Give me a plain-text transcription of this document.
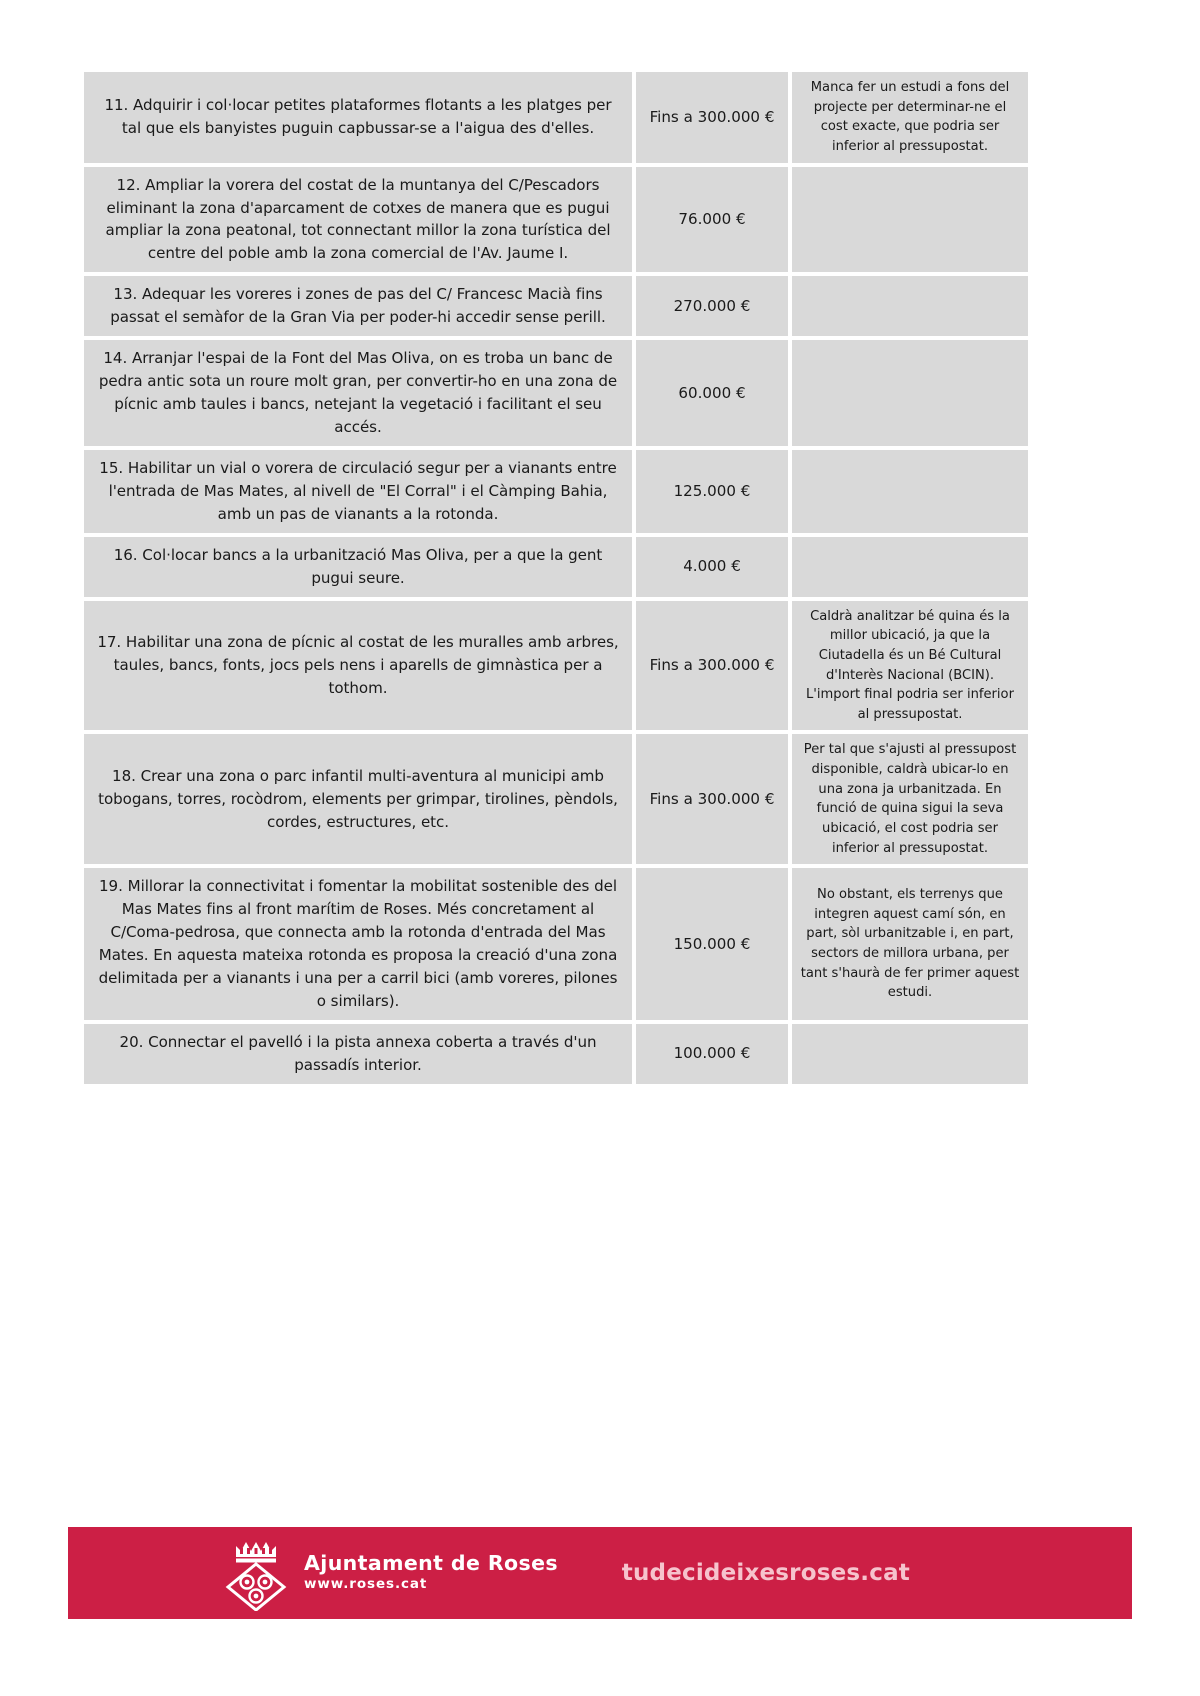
11. Adquirir i col·locar petites plataformes flotants a les platges per tal que els banyistes puguin capbussar-se a l'aigua des d'elles.	Fins a 300.000 €	Manca fer un estudi a fons del projecte per determinar-ne el cost exacte, que podria ser inferior al pressupostat.
12. Ampliar la vorera del costat de la muntanya del C/Pescadors eliminant la zona d'aparcament de cotxes de manera que es pugui ampliar la zona peatonal, tot connectant millor la zona turística del centre del poble amb la zona comercial de l'Av. Jaume I.	76.000 €	
13. Adequar les voreres i zones de pas del C/ Francesc Macià fins passat el semàfor de la Gran Via per poder-hi accedir sense perill.	270.000 €	
14. Arranjar l'espai de la Font del Mas Oliva, on es troba un banc de pedra antic sota un roure molt gran, per convertir-ho en una zona de pícnic amb taules i bancs, netejant la vegetació i facilitant el seu accés.	60.000 €	
15. Habilitar un vial o vorera de circulació segur per a vianants entre l'entrada de Mas Mates, al nivell de "El Corral" i el Càmping Bahia, amb un pas de vianants a la rotonda.	125.000 €	
16. Col·locar bancs a la urbanització Mas Oliva, per a que la gent pugui seure.	4.000 €	
17. Habilitar una zona de pícnic al costat de les muralles amb arbres, taules, bancs, fonts, jocs pels nens i aparells de gimnàstica per a tothom.	Fins a 300.000 €	Caldrà analitzar bé quina és la millor ubicació, ja que la Ciutadella és un Bé Cultural d'Interès Nacional (BCIN). L'import final podria ser inferior al pressupostat.
18. Crear una zona o parc infantil multi-aventura al municipi amb tobogans, torres, rocòdrom, elements per grimpar, tirolines, pèndols, cordes, estructures, etc.	Fins a 300.000 €	Per tal que s'ajusti al pressupost disponible, caldrà ubicar-lo en una zona ja urbanitzada. En funció de quina sigui la seva ubicació, el cost podria ser inferior al pressupostat.
19. Millorar la connectivitat i fomentar la mobilitat sostenible des del Mas Mates fins al front marítim de Roses. Més concretament al C/Coma-pedrosa, que connecta amb la rotonda d'entrada del Mas Mates. En aquesta mateixa rotonda es proposa la creació d'una zona delimitada per a vianants i una per a carril bici (amb voreres, pilones o similars).	150.000 €	No obstant, els terrenys que integren aquest camí són, en part, sòl urbanitzable i, en part, sectors de millora urbana, per tant s'haurà de fer primer aquest estudi.
20. Connectar el pavelló i la pista annexa coberta a través d'un passadís interior.	100.000 €	
Ajuntament de Roses
www.roses.cat	tudecideixesroses.cat
